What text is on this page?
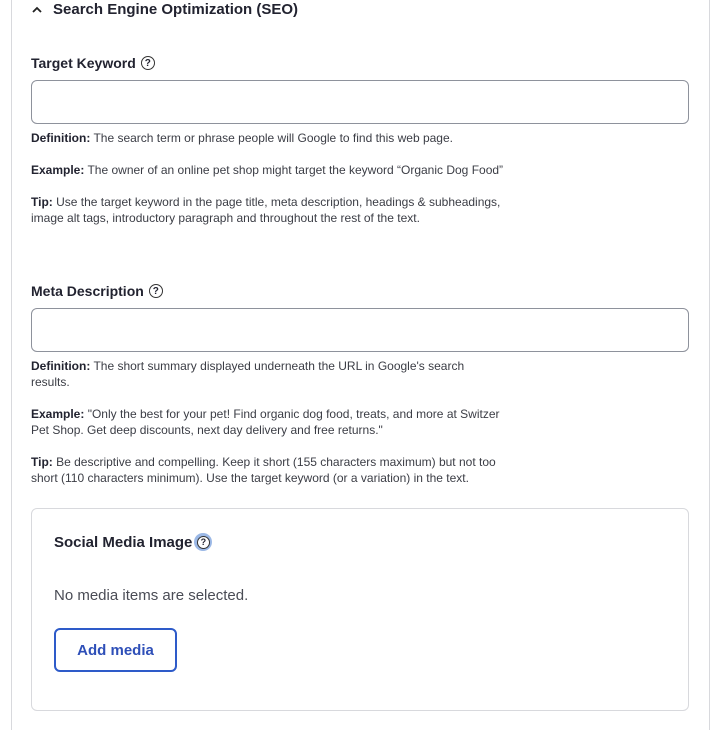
Search Engine Optimization (SEO)
Target Keyword ?

Definition: The search term or phrase people will Google to find this web page.

Example: The owner of an online pet shop might target the keyword “Organic Dog Food”

Tip: Use the target keyword in the page title, meta description, headings & subheadings, image alt tags, introductory paragraph and throughout the rest of the text.

Meta Description ?

Definition: The short summary displayed underneath the URL in Google's search results.

Example: "Only the best for your pet! Find organic dog food, treats, and more at Switzer Pet Shop. Get deep discounts, next day delivery and free returns."

Tip: Be descriptive and compelling. Keep it short (155 characters maximum) but not too short (110 characters minimum). Use the target keyword (or a variation) in the text.

Social Media Image ?
No media items are selected.
Add media
